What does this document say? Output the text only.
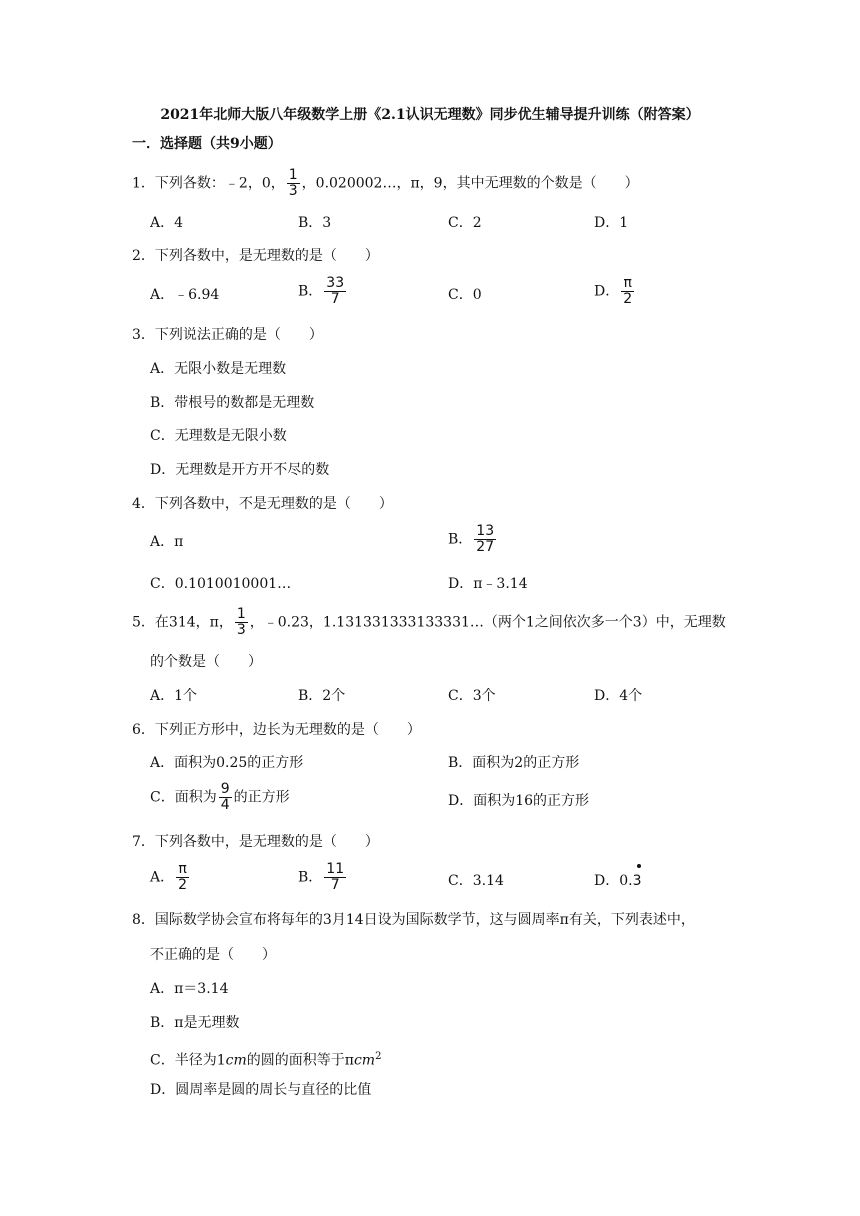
2021年北师大版八年级数学上册《2.1认识无理数》同步优生辅导提升训练（附答案）
一．选择题（共9小题）
1．下列各数：﹣2，0， $\frac{1}{3}$ ，0.020002…，π，9，其中无理数的个数是（　　）
A．4	B．3	C．2	D．1
2．下列各数中，是无理数的是（　　）
A．﹣6.94	B． $\frac{33}{7}$	C．0	D． $\frac{\pi}{2}$
3．下列说法正确的是（　　）
A．无限小数是无理数
B．带根号的数都是无理数
C．无理数是无限小数
D．无理数是开方开不尽的数
4．下列各数中，不是无理数的是（　　）
A．π	B． $\frac{13}{27}$
C．0.1010010001…	D．π﹣3.14
5．在314，π， $\frac{1}{3}$ ，﹣0.23，1.131331333133331…（两个1之间依次多一个3）中，无理数
的个数是（　　）
A．1个	B．2个	C．3个	D．4个
6．下列正方形中，边长为无理数的是（　　）
A．面积为0.25的正方形	B．面积为2的正方形
C．面积为 $\frac{9}{4}$ 的正方形	D．面积为16的正方形
7．下列各数中，是无理数的是（　　）
A． $\frac{\pi}{2}$	B． $\frac{11}{7}$	C．3.14	D．0.3
8．国际数学协会宣布将每年的3月14日设为国际数学节，这与圆周率π有关，下列表述中，
不正确的是（　　）
A．π＝3.14
B．π是无理数
C．半径为1cm的圆的面积等于πcm$^2$
D．圆周率是圆的周长与直径的比值
